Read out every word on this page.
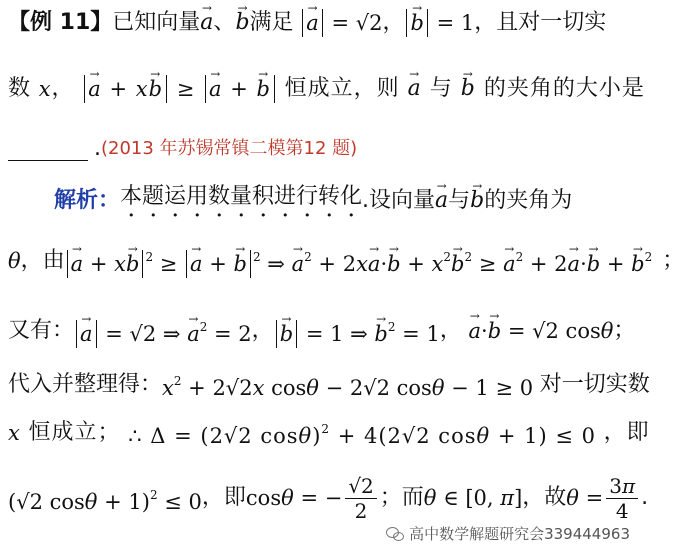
【例 11】 已知向量 → a 、 → b 满足 → a = √2 ， → b = 1 ，且对一切实
数 x ， → a + x→ b ≥ → a + → b 恒成立，则 →  a 与 →  b 的夹角的大小是
. (2013 年苏锡常镇二模第12 题)
解析： 本题运用数量积进行转化 .设向量 → a 与 → b 的夹角为
θ ，由 → a + x→ b $^2$ ≥ → a + → b $^2$ ⇒ → $a^2 + 2x\to a\cdot\to b + x^2\to b^2$ ≥ → $a^2 + 2\to a\cdot\to b$ + → $b^2$ ；
又有： → a = √2 ⇒ → $a^2 = 2$ ， → b = 1 ⇒ → $b^2 = 1$ ， → a·→ b = √2 cosθ ；
代入并整理得： $x^2 + 2√2x$ cosθ − 2√2 cosθ − 1 ≥ 0 对一切实数
x 恒成立； ∴ Δ = (2√2 cosθ)$^2$ + 4(2√2 cosθ + 1) ≤ 0 ，即
(√2 cosθ + 1)$^2$ ≤ 0 ，即 cosθ = − $\frac{√2}{2}$ ；而 θ ∈ [0, π] ，故 $\theta = \frac{3\pi}{4}$ .
高中数学解题研究会339444963
